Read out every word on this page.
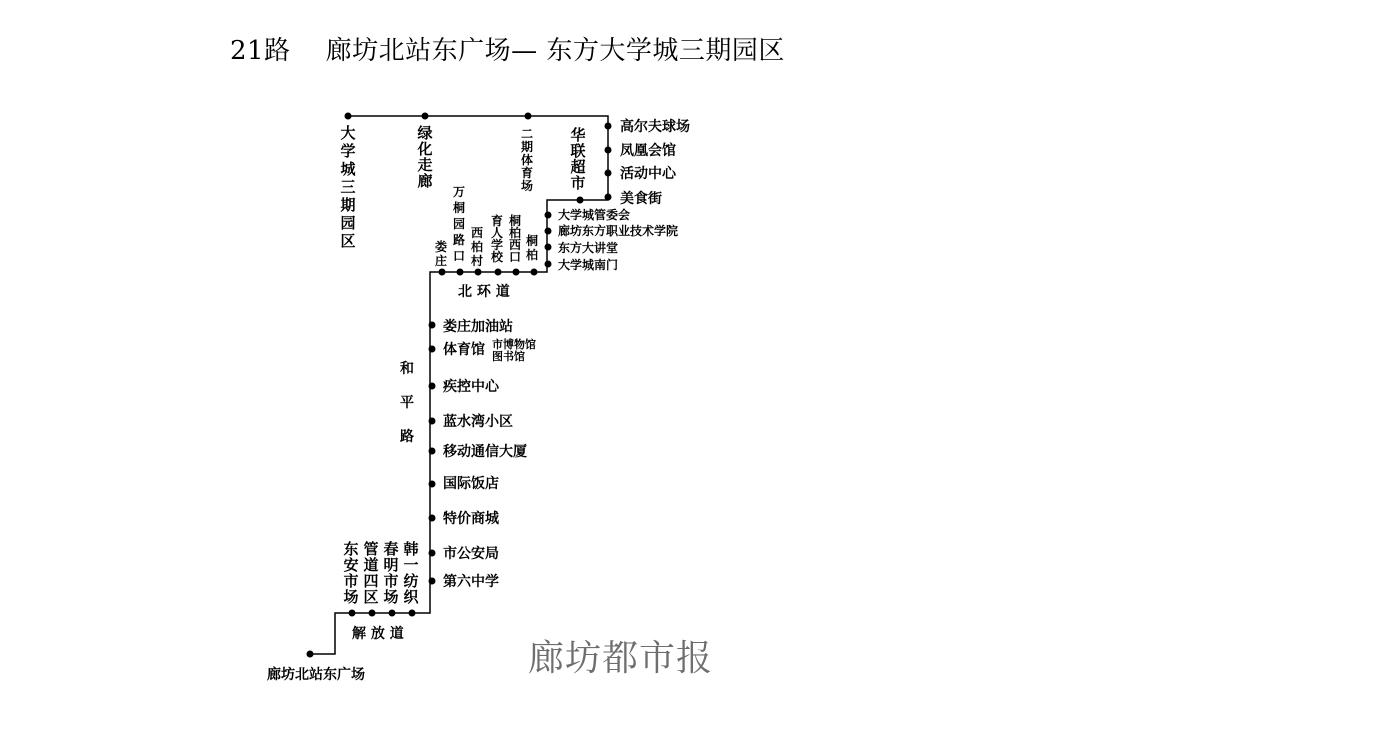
21路    廊坊北站东广场— 东方大学城三期园区
廊坊北站东广场
第六中学
市公安局
特价商城
国际饭店
移动通信大厦
蓝水湾小区
疾控中心
体育馆 市博物馆
图书馆
娄庄加油站
大学城南门
东方大讲堂
廊坊东方职业技术学院
大学城管委会
美食街
活动中心
凤凰会馆
高尔夫球场
北 环 道
解 放 道
和
平
路
大学城三期园区
绿化走廊
二期体育场
华联超市
万桐园路口
娄庄
西柏村
育人学校
桐柏西口
桐柏
东安市场
管道四区
春明市场
韩一纺织
廊坊都市报
